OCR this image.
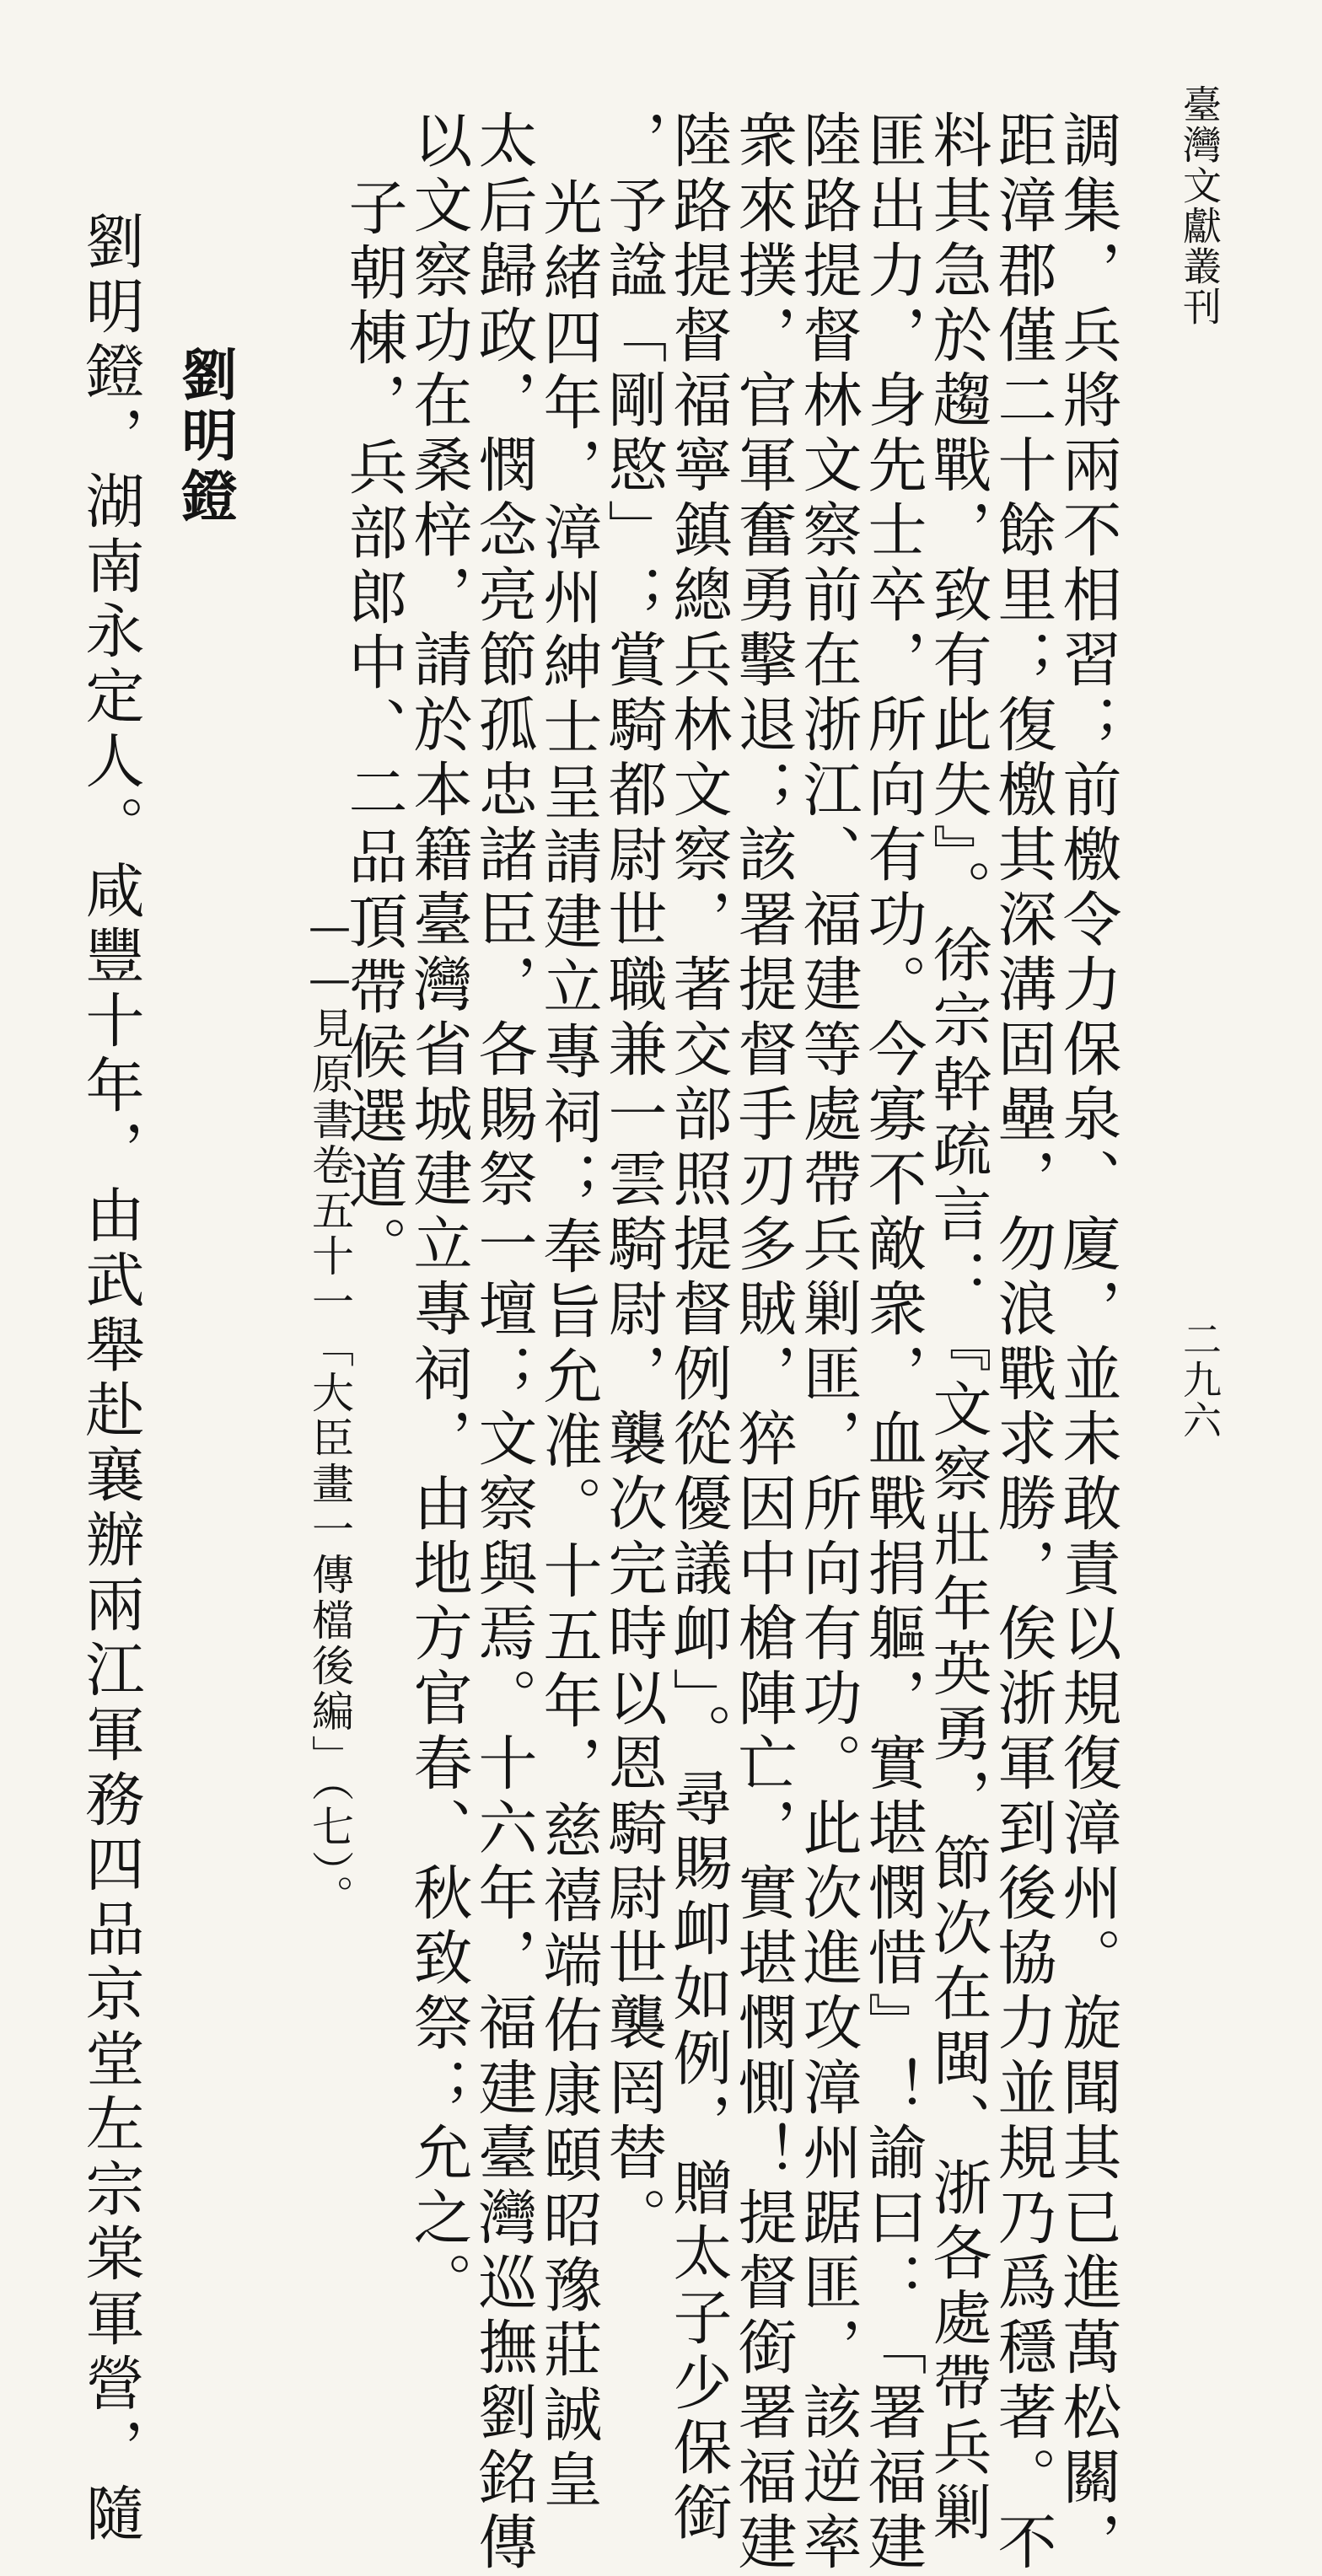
臺灣文獻叢刊
二九六
調集，兵將兩不相習；前檄令力保泉、廈，並未敢責以規復漳州。旋聞其已進萬松關，
距漳郡僅二十餘里；復檄其深溝固壘，勿浪戰求勝，俟浙軍到後協力並規乃爲穩著。不
料其急於趨戰，致有此失』。徐宗幹疏言：『文察壯年英勇，節次在閩、浙各處帶兵剿
匪出力，身先士卒，所向有功。今寡不敵衆，血戰捐軀，實堪憫惜』！諭曰：「署福建
陸路提督林文察前在浙江、福建等處帶兵剿匪，所向有功。此次進攻漳州踞匪，該逆率
衆來撲，官軍奮勇擊退；該署提督手刃多賊，猝因中槍陣亡，實堪憫惻！提督銜署福建
陸路提督福寧鎮總兵林文察，著交部照提督例從優議卹」。尋賜卹如例，贈太子少保銜
，予諡「剛愍」；賞騎都尉世職兼一雲騎尉，襲次完時以恩騎尉世襲罔替。
光緒四年，漳州紳士呈請建立專祠；奉旨允准。十五年，慈禧端佑康頤昭豫莊誠皇
太后歸政，憫念亮節孤忠諸臣，各賜祭一壇；文察與焉。十六年，福建臺灣巡撫劉銘傳
以文察功在桑梓，請於本籍臺灣省城建立專祠，由地方官春、秋致祭；允之。
子朝棟，兵部郎中、二品頂帶候選道。
——見原書卷五十一「大臣畫一傳檔後編」（七）。
劉明鐙
劉明鐙，湖南永定人。咸豐十年，由武舉赴襄辦兩江軍務四品京堂左宗棠軍營，隨
